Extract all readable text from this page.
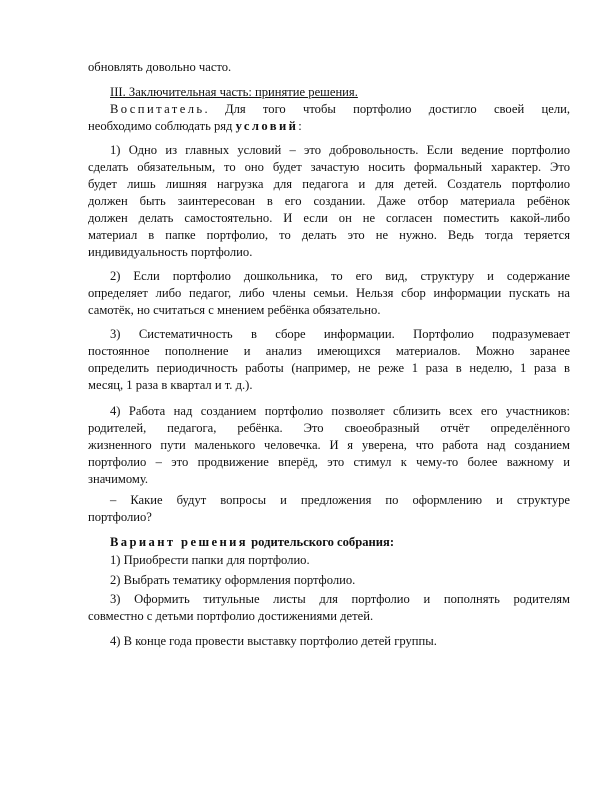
обновлять довольно часто.

III. Заключительная часть: принятие решения.

Воспитатель. Для того чтобы портфолио достигло своей цели,

необходимо соблюдать ряд условий:

1) Одно из главных условий – это добровольность. Если ведение портфолио

сделать обязательным, то оно будет зачастую носить формальный характер. Это

будет лишь лишняя нагрузка для педагога и для детей. Создатель портфолио

должен быть заинтересован в его создании. Даже отбор материала ребёнок

должен делать самостоятельно. И если он не согласен поместить какой-либо

материал в папке портфолио, то делать это не нужно. Ведь тогда теряется

индивидуальность портфолио.

2) Если портфолио дошкольника, то его вид, структуру и содержание

определяет либо педагог, либо члены семьи. Нельзя сбор информации пускать на

самотёк, но считаться с мнением ребёнка обязательно.

3) Систематичность в сборе информации. Портфолио подразумевает

постоянное пополнение и анализ имеющихся материалов. Можно заранее

определить периодичность работы (например, не реже 1 раза в неделю, 1 раза в

месяц, 1 раза в квартал и т. д.).

4) Работа над созданием портфолио позволяет сблизить всех его участников:

родителей, педагога, ребёнка. Это своеобразный отчёт определённого

жизненного пути маленького человечка. И я уверена, что работа над созданием

портфолио – это продвижение вперёд, это стимул к чему-то более важному и

значимому.

– Какие будут вопросы и предложения по оформлению и структуре

портфолио?

Вариант решения родительского собрания:

1) Приобрести папки для портфолио.

2) Выбрать тематику оформления портфолио.

3) Оформить титульные листы для портфолио и пополнять родителям

совместно с детьми портфолио достижениями детей.

4) В конце года провести выставку портфолио детей группы.
